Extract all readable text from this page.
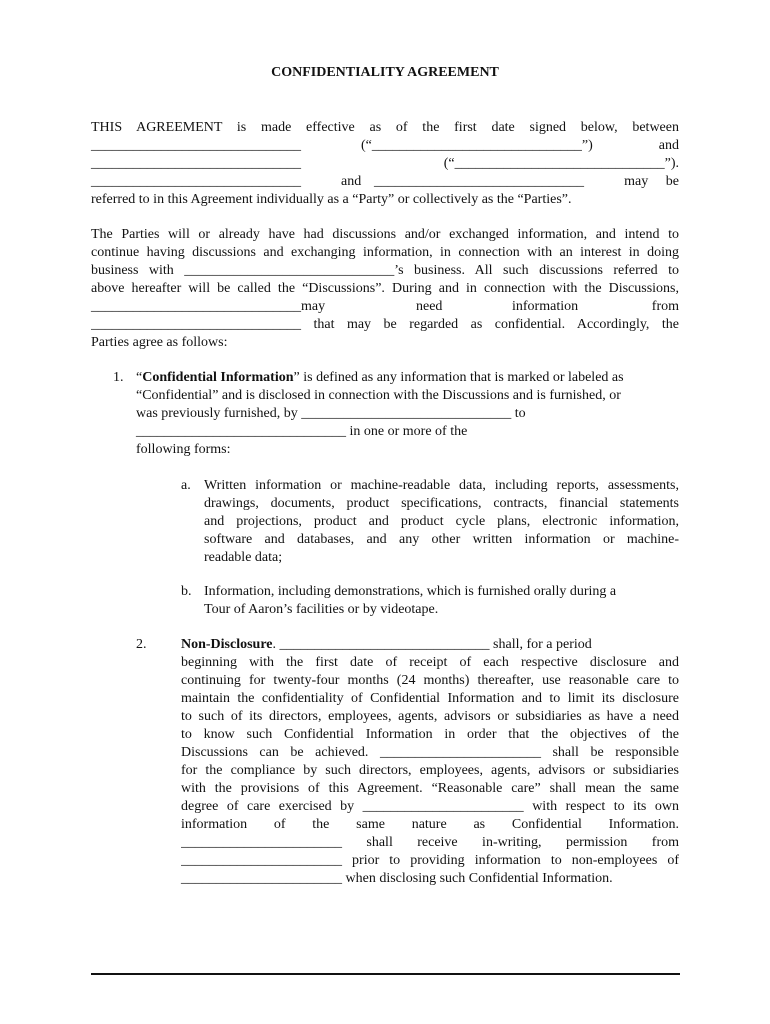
CONFIDENTIALITY AGREEMENT
THIS AGREEMENT is made effective as of the first date signed below, between
______________________________	(“______________________________”)	and
______________________________	(“______________________________”).
______________________________	and ______________________________	may be
referred to in this Agreement individually as a “Party” or collectively as the “Parties”.
The Parties will or already have had discussions and/or exchanged information, and intend to
continue having discussions and exchanging information, in connection with an interest in doing
business with ______________________________’s business. All such discussions referred to
above hereafter will be called the “Discussions”. During and in connection with the Discussions,
______________________________may	need	information	from
______________________________ that may be regarded as confidential. Accordingly, the
Parties agree as follows:
1. “Confidential Information” is defined as any information that is marked or labeled as
“Confidential” and is disclosed in connection with the Discussions and is furnished, or
was previously furnished, by ______________________________ to
______________________________ in one or more of the
following forms:
a. Written information or machine-readable data, including reports, assessments,
drawings, documents, product specifications, contracts, financial statements
and projections, product and product cycle plans, electronic information,
software and databases, and any other written information or machine-
readable data;
b. Information, including demonstrations, which is furnished orally during a
Tour of Aaron’s facilities or by videotape.
2. Non-Disclosure. ______________________________ shall, for a period
beginning with the first date of receipt of each respective disclosure and
continuing for twenty-four months (24 months) thereafter, use reasonable care to
maintain the confidentiality of Confidential Information and to limit its disclosure
to such of its directors, employees, agents, advisors or subsidiaries as have a need
to know such Confidential Information in order that the objectives of the
Discussions can be achieved. _______________________ shall be responsible
for the compliance by such directors, employees, agents, advisors or subsidiaries
with the provisions of this Agreement. “Reasonable care” shall mean the same
degree of care exercised by _______________________ with respect to its own
information of the same nature as Confidential Information.
_______________________ shall receive in-writing, permission from
_______________________ prior to providing information to non-employees of
_______________________ when disclosing such Confidential Information.
